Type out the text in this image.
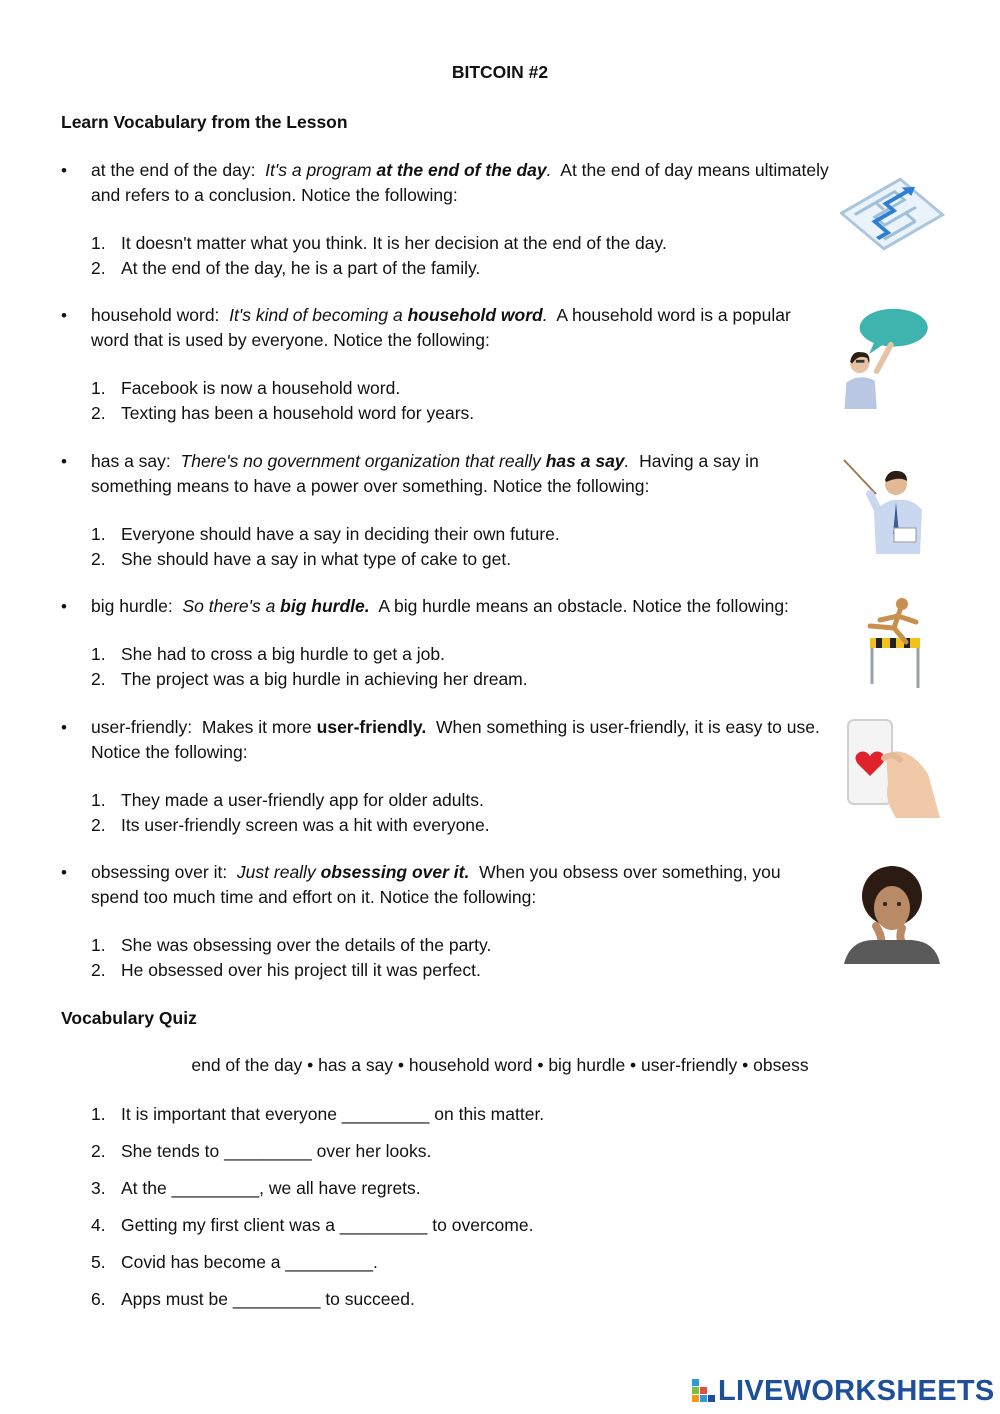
BITCOIN #2
Learn Vocabulary from the Lesson
•
at the end of the day: It's a program at the end of the day. At the end of day means ultimately and refers to a conclusion. Notice the following:
1. It doesn't matter what you think. It is her decision at the end of the day.
2. At the end of the day, he is a part of the family.
•
household word: It's kind of becoming a household word. A household word is a popular word that is used by everyone. Notice the following:
1. Facebook is now a household word.
2. Texting has been a household word for years.
•
has a say: There's no government organization that really has a say. Having a say in something means to have a power over something. Notice the following:
1. Everyone should have a say in deciding their own future.
2. She should have a say in what type of cake to get.
•
big hurdle: So there's a big hurdle. A big hurdle means an obstacle. Notice the following:
1. She had to cross a big hurdle to get a job.
2. The project was a big hurdle in achieving her dream.
•
user-friendly: Makes it more user-friendly. When something is user-friendly, it is easy to use. Notice the following:
1. They made a user-friendly app for older adults.
2. Its user-friendly screen was a hit with everyone.
•
obsessing over it: Just really obsessing over it. When you obsess over something, you spend too much time and effort on it. Notice the following:
1. She was obsessing over the details of the party.
2. He obsessed over his project till it was perfect.
Vocabulary Quiz
end of the day • has a say • household word • big hurdle • user-friendly • obsess
1. It is important that everyone _________ on this matter.
2. She tends to _________ over her looks.
3. At the _________, we all have regrets.
4. Getting my first client was a _________ to overcome.
5. Covid has become a _________.
6. Apps must be _________ to succeed.
LIVEWORKSHEETS
